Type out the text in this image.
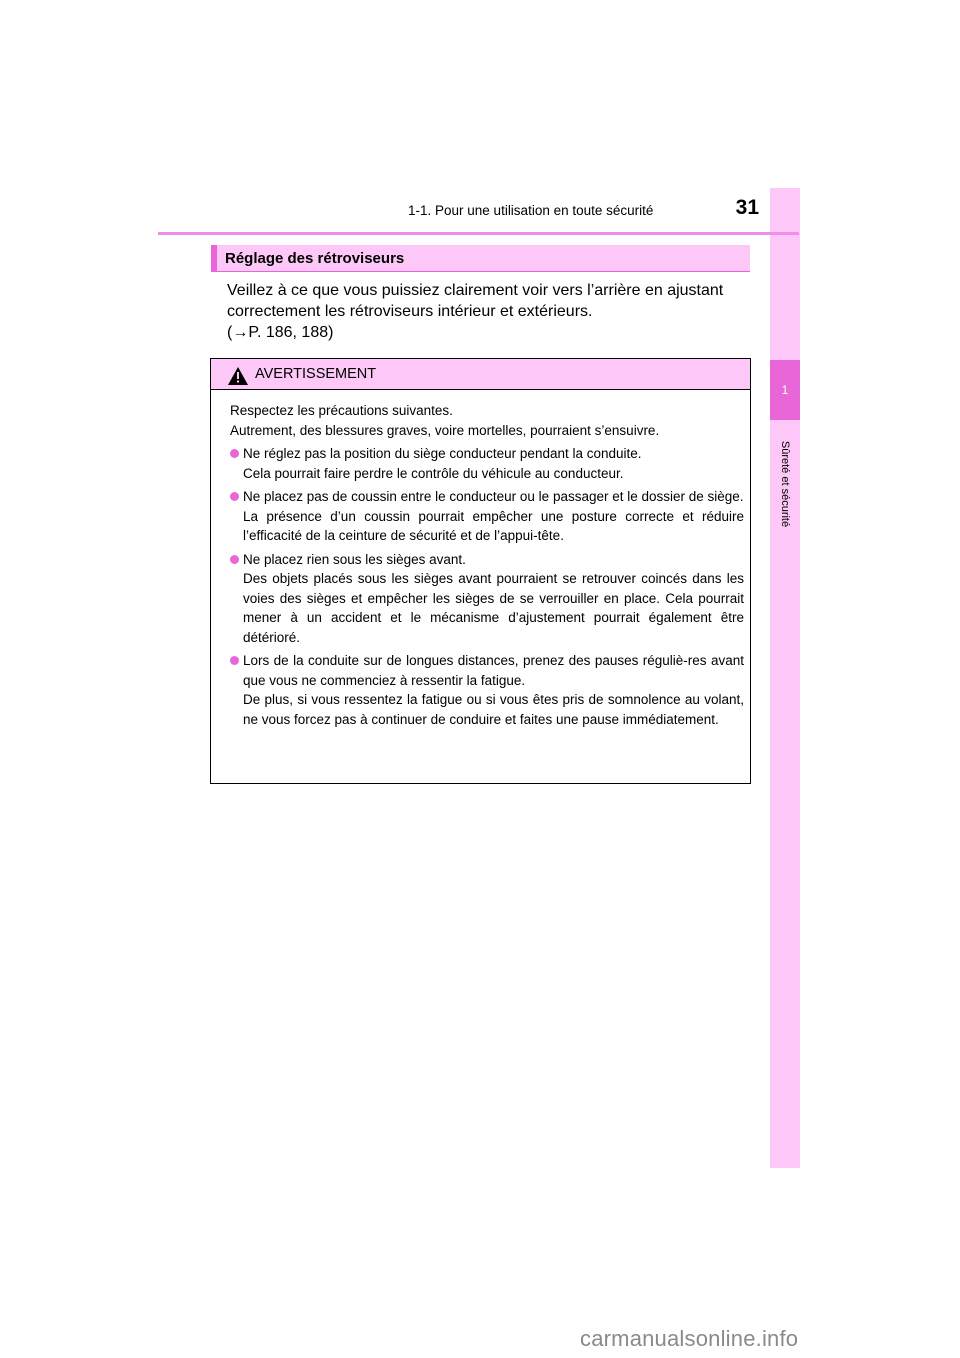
1
Sûreté et sécurité
1-1. Pour une utilisation en toute sécurité	31
Réglage des rétroviseurs

Veillez à ce que vous puissiez clairement voir vers l’arrière en ajustant

correctement les rétroviseurs intérieur et extérieurs.

(→P. 186, 188)

AVERTISSEMENT

Respectez les précautions suivantes.

Autrement, des blessures graves, voire mortelles, pourraient s’ensuivre.

Ne réglez pas la position du siège conducteur pendant la conduite.

Cela pourrait faire perdre le contrôle du véhicule au conducteur.

Ne placez pas de coussin entre le conducteur ou le passager et le dossier de siège.

La présence d’un coussin pourrait empêcher une posture correcte et réduire l’efficacité de la ceinture de sécurité et de l’appui-tête.

Ne placez rien sous les sièges avant.

Des objets placés sous les sièges avant pourraient se retrouver coincés dans les voies des sièges et empêcher les sièges de se verrouiller en place. Cela pourrait mener à un accident et le mécanisme d’ajustement pourrait également être détérioré.

Lors de la conduite sur de longues distances, prenez des pauses réguliè-res avant que vous ne commenciez à ressentir la fatigue.

De plus, si vous ressentez la fatigue ou si vous êtes pris de somnolence au volant, ne vous forcez pas à continuer de conduire et faites une pause immédiatement.

carmanualsonline.info
